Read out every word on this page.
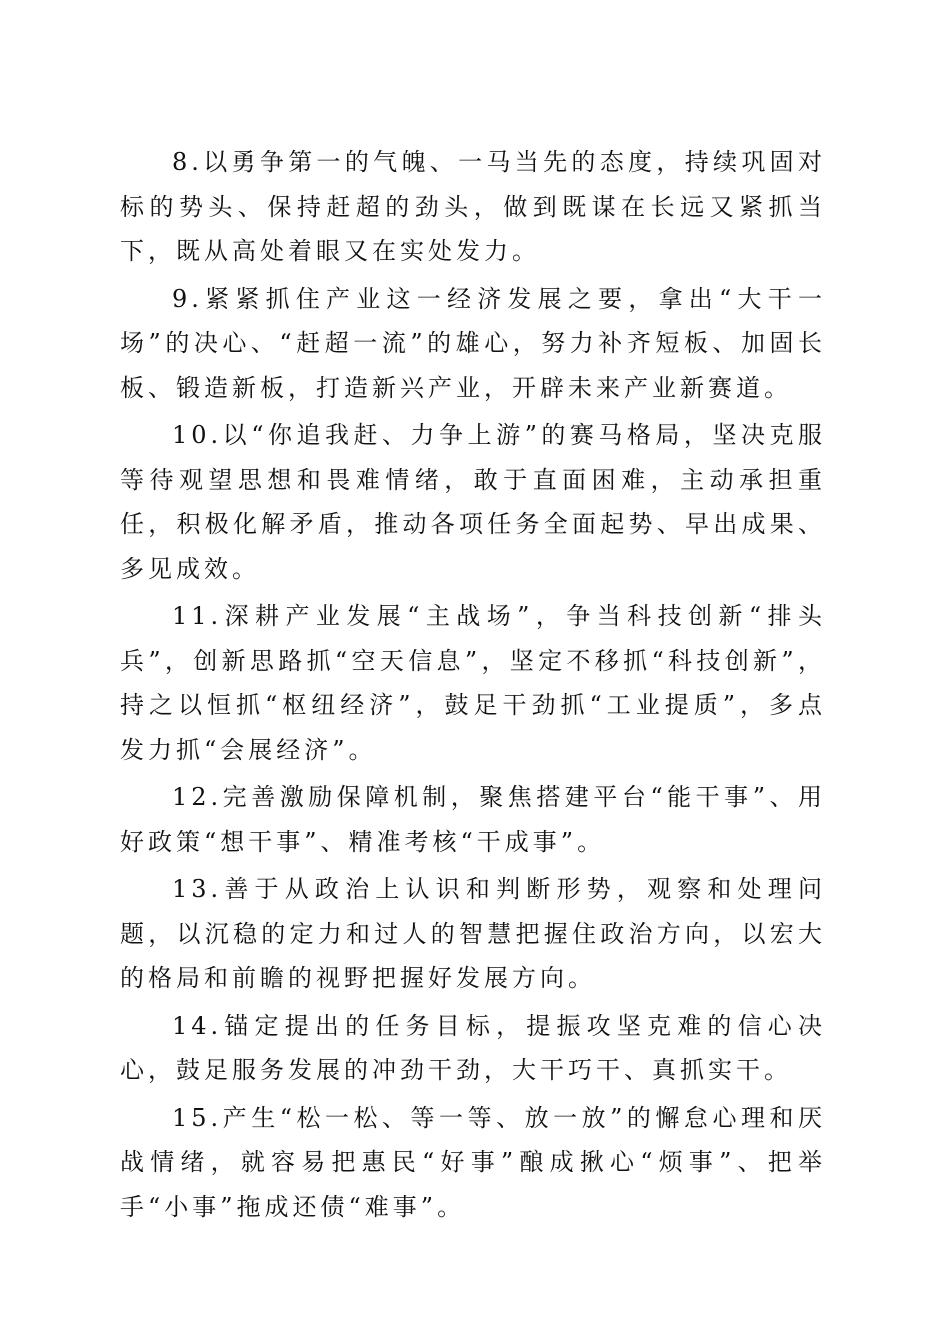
8.以勇争第一的气魄、一马当先的态度，持续巩固对标的势头、保持赶超的劲头，做到既谋在长远又紧抓当下，既从高处着眼又在实处发力。

9.紧紧抓住产业这一经济发展之要，拿出“大干一场”的决心、“赶超一流”的雄心，努力补齐短板、加固长板、锻造新板，打造新兴产业，开辟未来产业新赛道。

10.以“你追我赶、力争上游”的赛马格局，坚决克服等待观望思想和畏难情绪，敢于直面困难，主动承担重任，积极化解矛盾，推动各项任务全面起势、早出成果、多见成效。

11.深耕产业发展“主战场”，争当科技创新“排头兵”，创新思路抓“空天信息”，坚定不移抓“科技创新”，持之以恒抓“枢纽经济”，鼓足干劲抓“工业提质”，多点发力抓“会展经济”。

12.完善激励保障机制，聚焦搭建平台“能干事”、用好政策“想干事”、精准考核“干成事”。

13.善于从政治上认识和判断形势，观察和处理问题，以沉稳的定力和过人的智慧把握住政治方向，以宏大的格局和前瞻的视野把握好发展方向。

14.锚定提出的任务目标，提振攻坚克难的信心决心，鼓足服务发展的冲劲干劲，大干巧干、真抓实干。

15.产生“松一松、等一等、放一放”的懈怠心理和厌战情绪，就容易把惠民“好事”酿成揪心“烦事”、把举手“小事”拖成还债“难事”。
